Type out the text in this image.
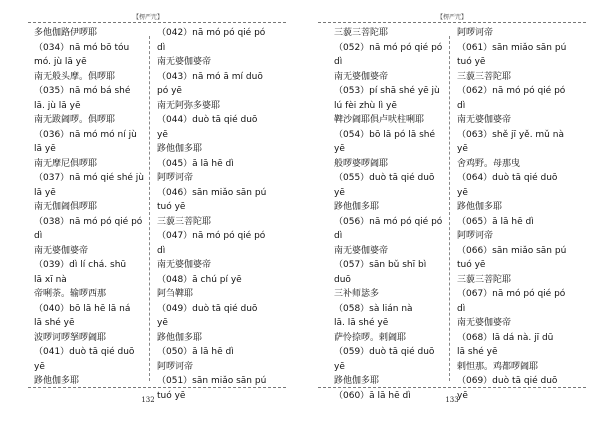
【楞严咒】
多他伽路伊啰耶
（034）nā mó bō tóu
mó. jù lā yē
南无般头摩。俱啰耶
（035）nā mó bá shé
lā. jù lā yē
南无跋阇啰。俱啰耶
（036）nā mó mó ní jù
lā yē
南无摩尼俱啰耶
（037）nā mó qié shé jù
lā yē
南无伽阇俱啰耶
（038）nā mó pó qié pó
dì
南无婆伽婆帝
（039）dì lí chá. shū
lā xī nà
帝唎荼。输啰西那
（040）bō lā hē lā ná
lā shé yē
波啰诃啰拏啰阇耶
（041）duò tā qié duō
yē
跢他伽多耶
（042）nā mó pó qié pó
dì
南无婆伽婆帝
（043）nā mó ā mí duō
pó yē
南无阿弥多婆耶
（044）duò tā qié duō
yē
跢他伽多耶
（045）ā lā hē dì
阿啰诃帝
（046）sān miǎo sān pú
tuó yē
三藐三菩陀耶
（047）nā mó pó qié pó
dì
南无婆伽婆帝
（048）ā chú pí yē
阿刍鞞耶
（049）duò tā qié duō
yē
跢他伽多耶
（050）ā lā hē dì
阿啰诃帝
（051）sān miǎo sān pú
tuó yē
132
【楞严咒】
三藐三菩陀耶
（052）nā mó pó qié pó
dì
南无婆伽婆帝
（053）pí shā shé yē jù
lú fèi zhù lì yē
鞞沙阇耶俱卢吠柱唎耶
（054）bō lā pó lā shé
yē
般啰婆啰阇耶
（055）duò tā qié duō
yē
跢他伽多耶
（056）nā mó pó qié pó
dì
南无婆伽婆帝
（057）sān bǔ shī bì
duō
三补师毖多
（058）sà lián nà
lā. lā shé yē
萨怜捺啰。剌阇耶
（059）duò tā qié duō
yē
跢他伽多耶
（060）ā lā hē dì
阿啰诃帝
（061）sān miǎo sān pú
tuó yē
三藐三菩陀耶
（062）nā mó pó qié pó
dì
南无婆伽婆帝
（063）shě jī yě. mǔ nà
yē
舍鸡野。母那曳
（064）duò tā qié duō
yē
跢他伽多耶
（065）ā lā hē dì
阿啰诃帝
（066）sān miǎo sān pú
tuó yē
三藐三菩陀耶
（067）nā mó pó qié pó
dì
南无婆伽婆帝
（068）lā dá nà. jī dū
lā shé yē
剌怛那。鸡都啰阇耶
（069）duò tā qié duō
yē
133
